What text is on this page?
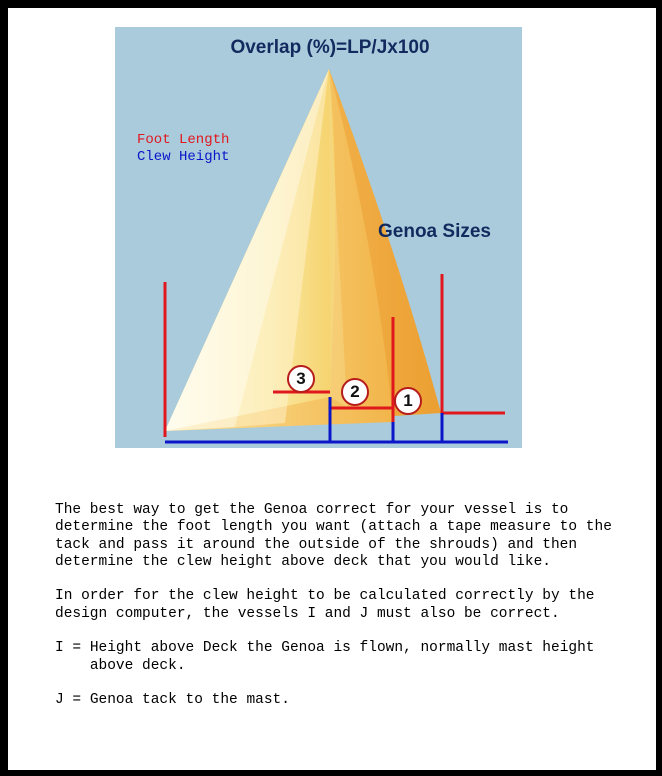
Overlap (%)=LP/Jx100
Foot Length
Clew Height
Genoa Sizes
3
2	1

The best way to get the Genoa correct for your vessel is to determine the foot length you want (attach a tape measure to the tack and pass it around the outside of the shrouds) and then determine the clew height above deck that you would like.

In order for the clew height to be calculated correctly by the design computer, the vessels I and J must also be correct.

I = Height above Deck the Genoa is flown, normally mast height above deck.
J = Genoa tack to the mast.
